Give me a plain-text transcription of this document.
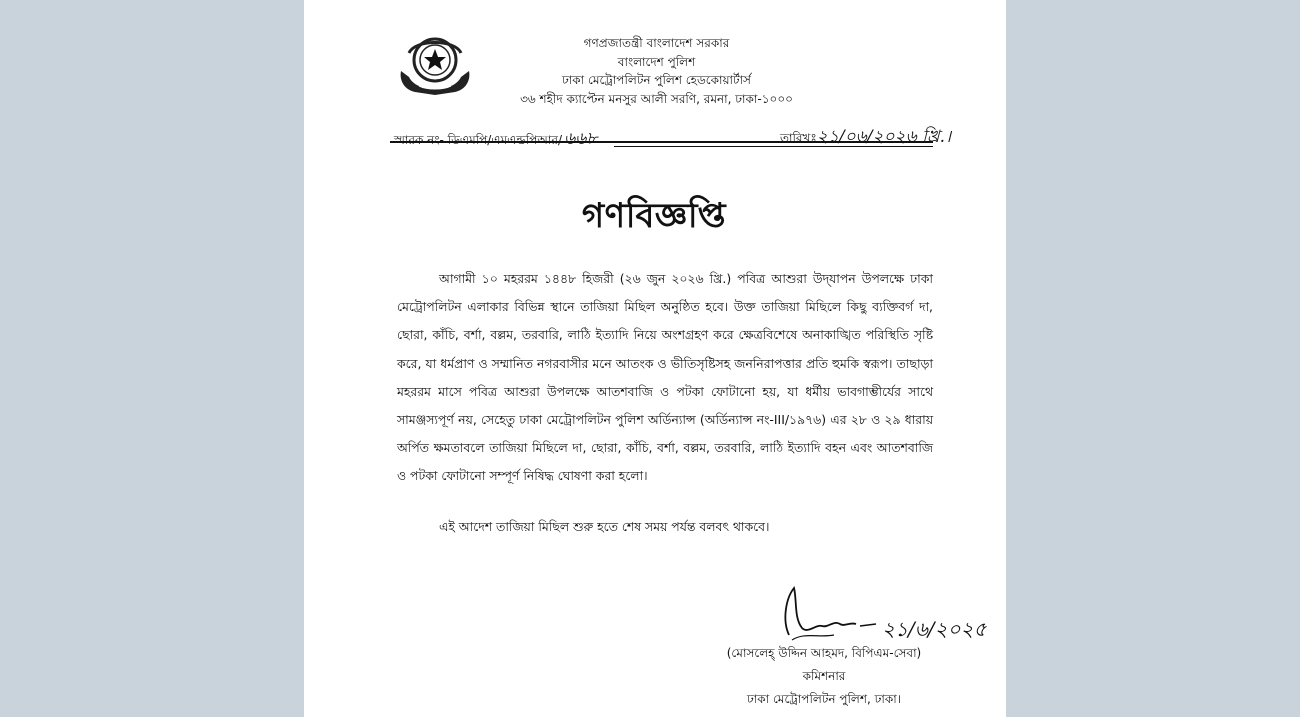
গণপ্রজাতন্ত্রী বাংলাদেশ সরকার
বাংলাদেশ পুলিশ
ঢাকা মেট্রোপলিটন পুলিশ হেডকোয়ার্টার্স
৩৬ শহীদ ক্যাপ্টেন মনসুর আলী সরণি, রমনা, ঢাকা-১০০০
স্মারক নং- ডিএমপি/এমএন্ডপিআর/ ৬৬৮	তারিখঃ২১/০৬/২০২৬ খ্রি.।
গণবিজ্ঞপ্তি

আগামী ১০ মহররম ১৪৪৮ হিজরী (২৬ জুন ২০২৬ খ্রি.) পবিত্র আশুরা উদ্‌যাপন উপলক্ষে ঢাকা মেট্রোপলিটন এলাকার বিভিন্ন স্থানে তাজিয়া মিছিল অনুষ্ঠিত হবে। উক্ত তাজিয়া মিছিলে কিছু ব্যক্তিবর্গ দা, ছোরা, কাঁচি, বর্শা, বল্লম, তরবারি, লাঠি ইত্যাদি নিয়ে অংশগ্রহণ করে ক্ষেত্রবিশেষে অনাকাঙ্খিত পরিস্থিতি সৃষ্টি করে, যা ধর্মপ্রাণ ও সম্মানিত নগরবাসীর মনে আতংক ও ভীতিসৃষ্টিসহ জননিরাপত্তার প্রতি হুমকি স্বরূপ। তাছাড়া মহররম মাসে পবিত্র আশুরা উপলক্ষে আতশবাজি ও পটকা ফোটানো হয়, যা ধর্মীয় ভাবগাম্ভীর্যের সাথে সামঞ্জস্যপূর্ণ নয়, সেহেতু ঢাকা মেট্রোপলিটন পুলিশ অর্ডিন্যান্স (অর্ডিন্যান্স নং-III/১৯৭৬) এর ২৮ ও ২৯ ধারায় অর্পিত ক্ষমতাবলে তাজিয়া মিছিলে দা, ছোরা, কাঁচি, বর্শা, বল্লম, তরবারি, লাঠি ইত্যাদি বহন এবং আতশবাজি ও পটকা ফোটানো সম্পূর্ণ নিষিদ্ধ ঘোষণা করা হলো।

এই আদেশ তাজিয়া মিছিল শুরু হতে শেষ সময় পর্যন্ত বলবৎ থাকবে।
২১/৬/২০২৫
(মোসলেহ্ উদ্দিন আহমদ, বিপিএম-সেবা)
কমিশনার
ঢাকা মেট্রোপলিটন পুলিশ, ঢাকা।
